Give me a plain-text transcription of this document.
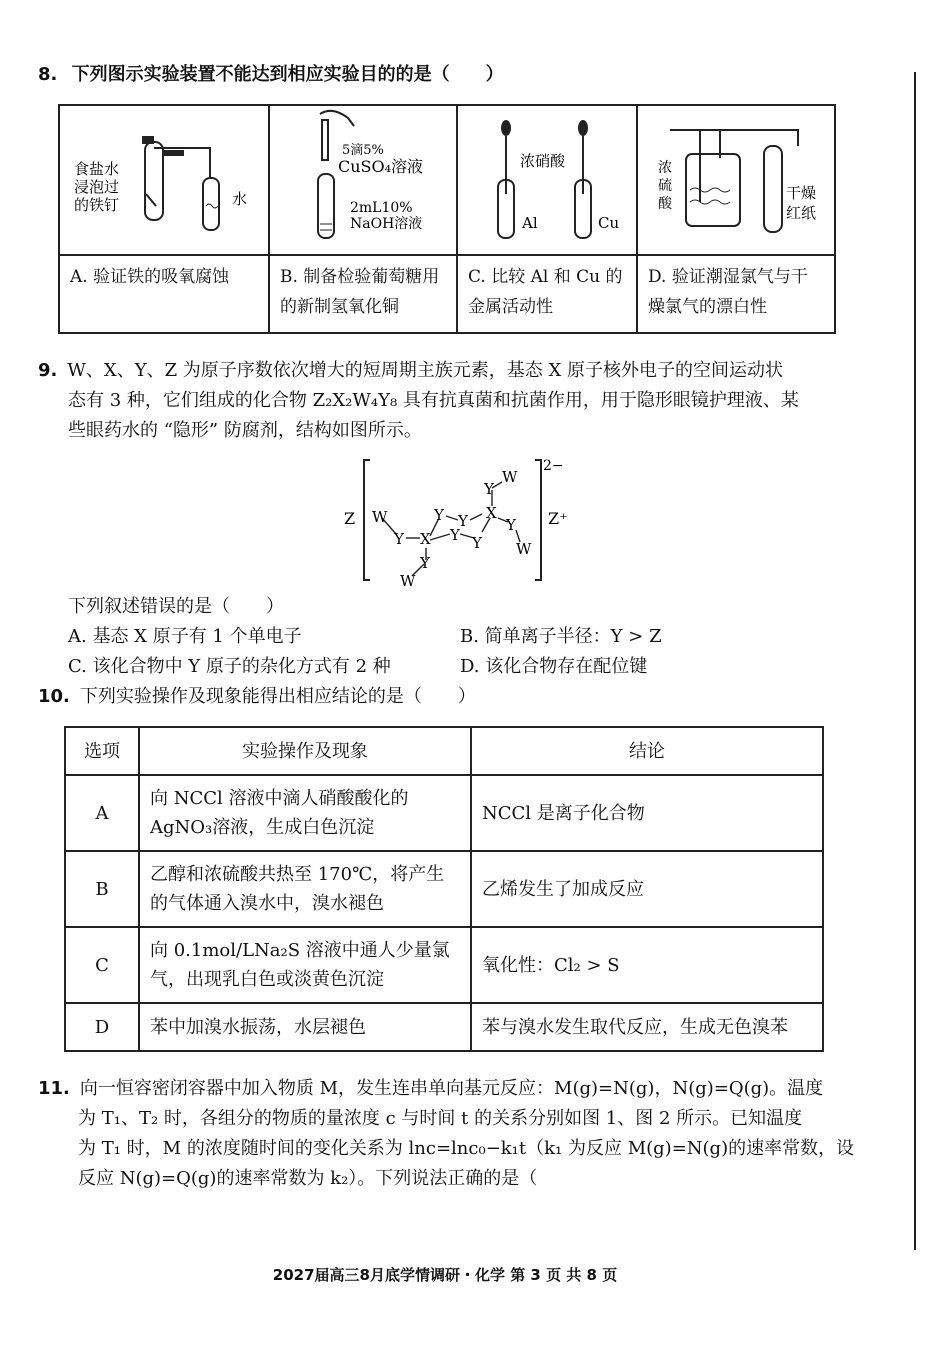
8. 下列图示实验装置不能达到相应实验目的的是（　　）
食盐水
浸泡过
的铁钉 水	5滴5%
CuSO₄溶液
2mL10%
NaOH溶液	浓硝酸
Al Cu	浓
硫
酸
干燥
红纸

A. 验证铁的吸氧腐蚀	B. 制备检验葡萄糖用的新制氢氧化铜	C. 比较 Al 和 Cu 的金属活动性	D. 验证潮湿氯气与干燥氯气的漂白性
9. W、X、Y、Z 为原子序数依次增大的短周期主族元素，基态 X 原子核外电子的空间运动状
态有 3 种，它们组成的化合物 Z₂X₂W₄Y₈ 具有抗真菌和抗菌作用，用于隐形眼镜护理液、某
些眼药水的 “隐形” 防腐剂，结构如图所示。
Z	Z⁺
2−
W
Y X
Y
Y
Y
Y
X
Y
W
Y
W
Y
W
下列叙述错误的是（　　）
A. 基态 X 原子有 1 个单电子	B. 简单离子半径：Y > Z
C. 该化合物中 Y 原子的杂化方式有 2 种	D. 该化合物存在配位键
10. 下列实验操作及现象能得出相应结论的是（　　）
选项	实验操作及现象	结论
A	向 NCCl 溶液中滴人硝酸酸化的
AgNO₃溶液，生成白色沉淀	NCCl 是离子化合物
B	乙醇和浓硫酸共热至 170℃，将产生
的气体通入溴水中，溴水褪色	乙烯发生了加成反应
C	向 0.1mol/LNa₂S 溶液中通人少量氯
气，出现乳白色或淡黄色沉淀	氧化性：Cl₂ > S
D	苯中加溴水振荡，水层褪色	苯与溴水发生取代反应，生成无色溴苯
11. 向一恒容密闭容器中加入物质 M，发生连串单向基元反应：M(g)=N(g)，N(g)=Q(g)。温度
为 T₁、T₂ 时，各组分的物质的量浓度 c 与时间 t 的关系分别如图 1、图 2 所示。已知温度
为 T₁ 时，M 的浓度随时间的变化关系为 lnc=lnc₀−k₁t（k₁ 为反应 M(g)=N(g)的速率常数，设
反应 N(g)=Q(g)的速率常数为 k₂）。下列说法正确的是（
2027届高三8月底学情调研・化学 第 3 页 共 8 页
